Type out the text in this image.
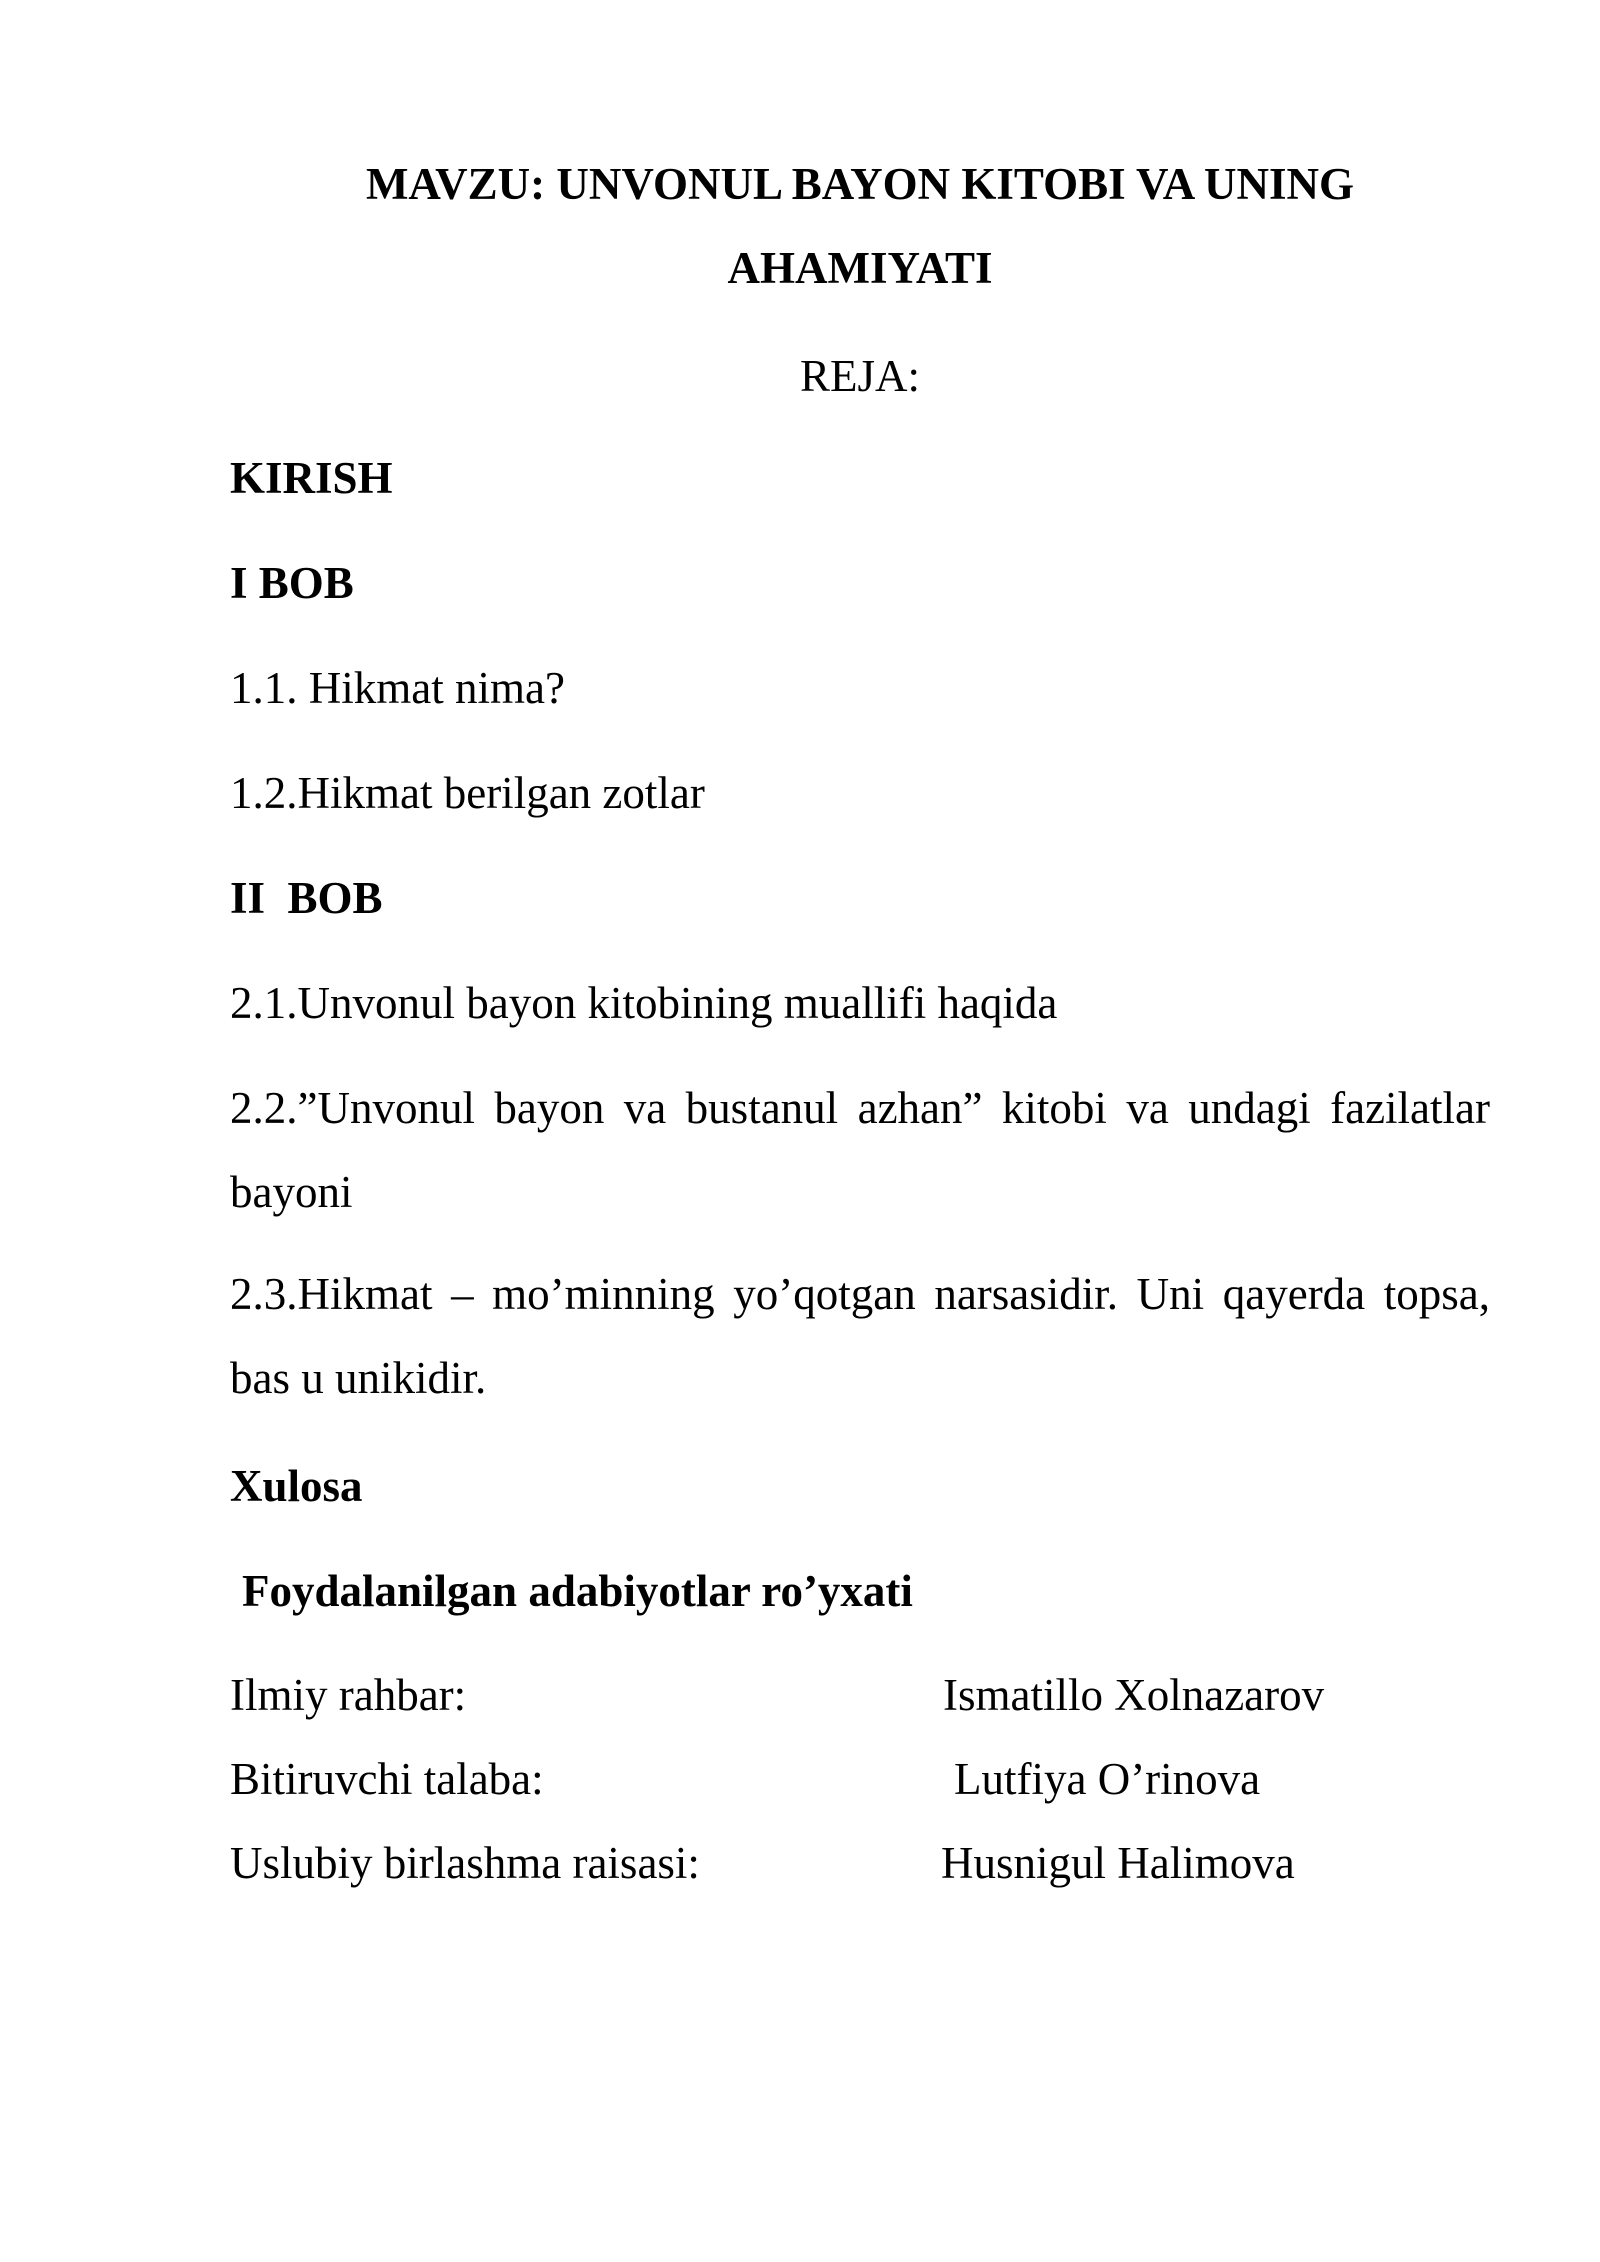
MAVZU: UNVONUL BAYON KITOBI VA UNING
AHAMIYATI
REJA:
KIRISH
I BOB
1.1. Hikmat nima?
1.2.Hikmat berilgan zotlar
II  BOB
2.1.Unvonul bayon kitobining muallifi haqida
2.2.”Unvonul bayon va bustanul azhan” kitobi va undagi fazilatlar bayoni
2.3.Hikmat – mo’minning yo’qotgan narsasidir. Uni qayerda topsa, bas u unikidir.
Xulosa
Foydalanilgan adabiyotlar ro’yxati
Ilmiy rahbar:	Ismatillo Xolnazarov
Bitiruvchi talaba:	Lutfiya O’rinova
Uslubiy birlashma raisasi:	Husnigul Halimova
